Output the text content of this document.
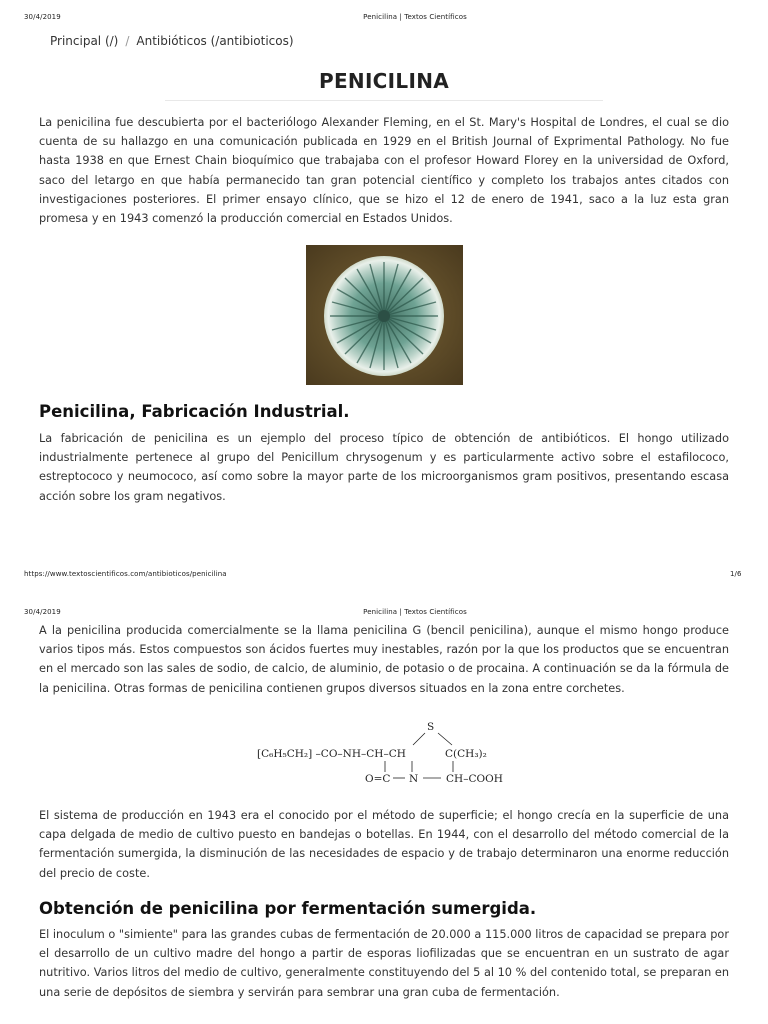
30/4/2019	Penicilina | Textos Científicos
Principal (/) / Antibióticos (/antibioticos)
PENICILINA

La penicilina fue descubierta por el bacteriólogo Alexander Fleming, en el St. Mary's Hospital de Londres, el cual se dio cuenta de su hallazgo en una comunicación publicada en 1929 en el British Journal of Exprimental Pathology. No fue hasta 1938 en que Ernest Chain bioquímico que trabajaba con el profesor Howard Florey en la universidad de Oxford, saco del letargo en que había permanecido tan gran potencial científico y completo los trabajos antes citados con investigaciones posteriores. El primer ensayo clínico, que se hizo el 12 de enero de 1941, saco a la luz esta gran promesa y en 1943 comenzó la producción comercial en Estados Unidos.

Penicilina, Fabricación Industrial.

La fabricación de penicilina es un ejemplo del proceso típico de obtención de antibióticos. El hongo utilizado industrialmente pertenece al grupo del Penicillum chrysogenum y es particularmente activo sobre el estafilococo, estreptococo y neumococo, así como sobre la mayor parte de los microorganismos gram positivos, presentando escasa acción sobre los gram negativos.

https://www.textoscientificos.com/antibioticos/penicilina	1/6
30/4/2019	Penicilina | Textos Científicos

A la penicilina producida comercialmente se la llama penicilina G (bencil penicilina), aunque el mismo hongo produce varios tipos más. Estos compuestos son ácidos fuertes muy inestables, razón por la que los productos que se encuentran en el mercado son las sales de sodio, de calcio, de aluminio, de potasio o de procaina. A continuación se da la fórmula de la penicilina. Otras formas de penicilina contienen grupos diversos situados en la zona entre corchetes.

S
[C₆H₅CH₂] –CO–NH–CH–CH	C(CH₃)₂
O=C N	CH–COOH

El sistema de producción en 1943 era el conocido por el método de superficie; el hongo crecía en la superficie de una capa delgada de medio de cultivo puesto en bandejas o botellas. En 1944, con el desarrollo del método comercial de la fermentación sumergida, la disminución de las necesidades de espacio y de trabajo determinaron una enorme reducción del precio de coste.

Obtención de penicilina por fermentación sumergida.

El inoculum o "simiente" para las grandes cubas de fermentación de 20.000 a 115.000 litros de capacidad se prepara por el desarrollo de un cultivo madre del hongo a partir de esporas liofilizadas que se encuentran en un sustrato de agar nutritivo. Varios litros del medio de cultivo, generalmente constituyendo del 5 al 10 % del contenido total, se preparan en una serie de depósitos de siembra y servirán para sembrar una gran cuba de fermentación.
